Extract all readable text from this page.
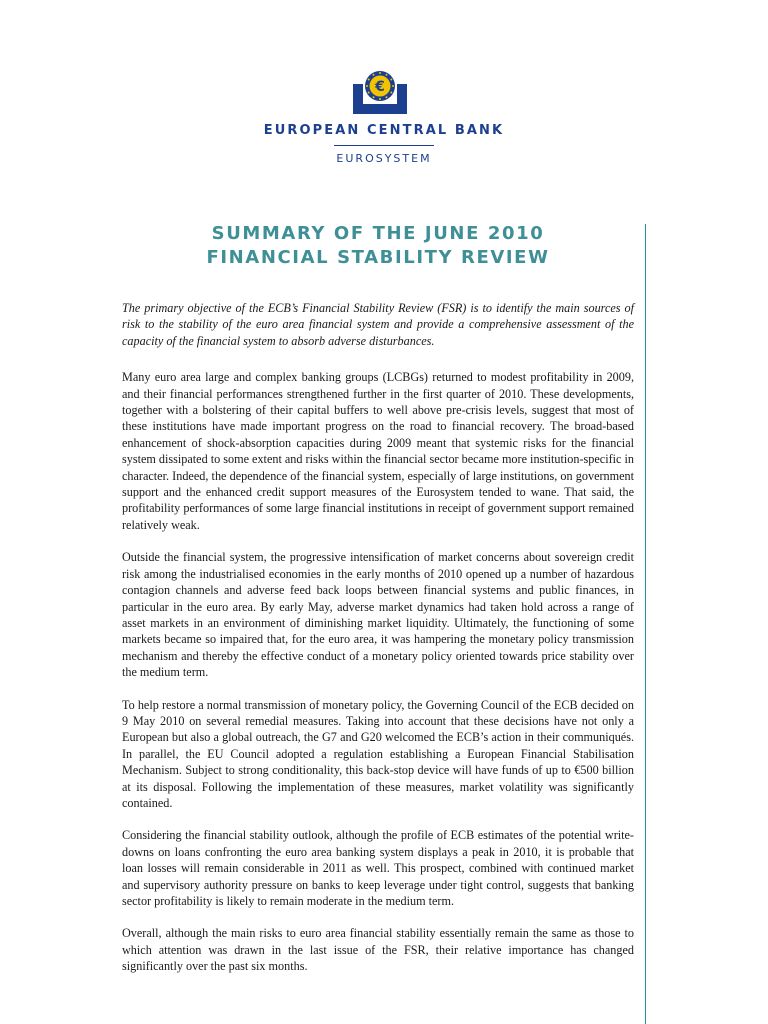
€
EUROPEAN CENTRAL BANK
EUROSYSTEM
SUMMARY OF THE JUNE 2010
FINANCIAL STABILITY REVIEW

The primary objective of the ECB’s Financial Stability Review (FSR) is to identify the main sources of risk to the stability of the euro area financial system and provide a comprehensive assessment of the capacity of the financial system to absorb adverse disturbances.

Many euro area large and complex banking groups (LCBGs) returned to modest profitability in 2009, and their financial performances strengthened further in the first quarter of 2010. These developments, together with a bolstering of their capital buffers to well above pre-crisis levels, suggest that most of these institutions have made important progress on the road to financial recovery. The broad-based enhancement of shock-absorption capacities during 2009 meant that systemic risks for the financial system dissipated to some extent and risks within the financial sector became more institution-specific in character. Indeed, the dependence of the financial system, especially of large institutions, on government support and the enhanced credit support measures of the Eurosystem tended to wane. That said, the profitability performances of some large financial institutions in receipt of government support remained relatively weak.

Outside the financial system, the progressive intensification of market concerns about sovereign credit risk among the industrialised economies in the early months of 2010 opened up a number of hazardous contagion channels and adverse feed back loops between financial systems and public finances, in particular in the euro area. By early May, adverse market dynamics had taken hold across a range of asset markets in an environment of diminishing market liquidity. Ultimately, the functioning of some markets became so impaired that, for the euro area, it was hampering the monetary policy transmission mechanism and thereby the effective conduct of a monetary policy oriented towards price stability over the medium term.

To help restore a normal transmission of monetary policy, the Governing Council of the ECB decided on 9 May 2010 on several remedial measures. Taking into account that these decisions have not only a European but also a global outreach, the G7 and G20 welcomed the ECB’s action in their communiqués. In parallel, the EU Council adopted a regulation establishing a European Financial Stabilisation Mechanism. Subject to strong conditionality, this back-stop device will have funds of up to €500 billion at its disposal. Following the implementation of these measures, market volatility was significantly contained.

Considering the financial stability outlook, although the profile of ECB estimates of the potential write-downs on loans confronting the euro area banking system displays a peak in 2010, it is probable that loan losses will remain considerable in 2011 as well. This prospect, combined with continued market and supervisory authority pressure on banks to keep leverage under tight control, suggests that banking sector profitability is likely to remain moderate in the medium term.

Overall, although the main risks to euro area financial stability essentially remain the same as those to which attention was drawn in the last issue of the FSR, their relative importance has changed significantly over the past six months.
